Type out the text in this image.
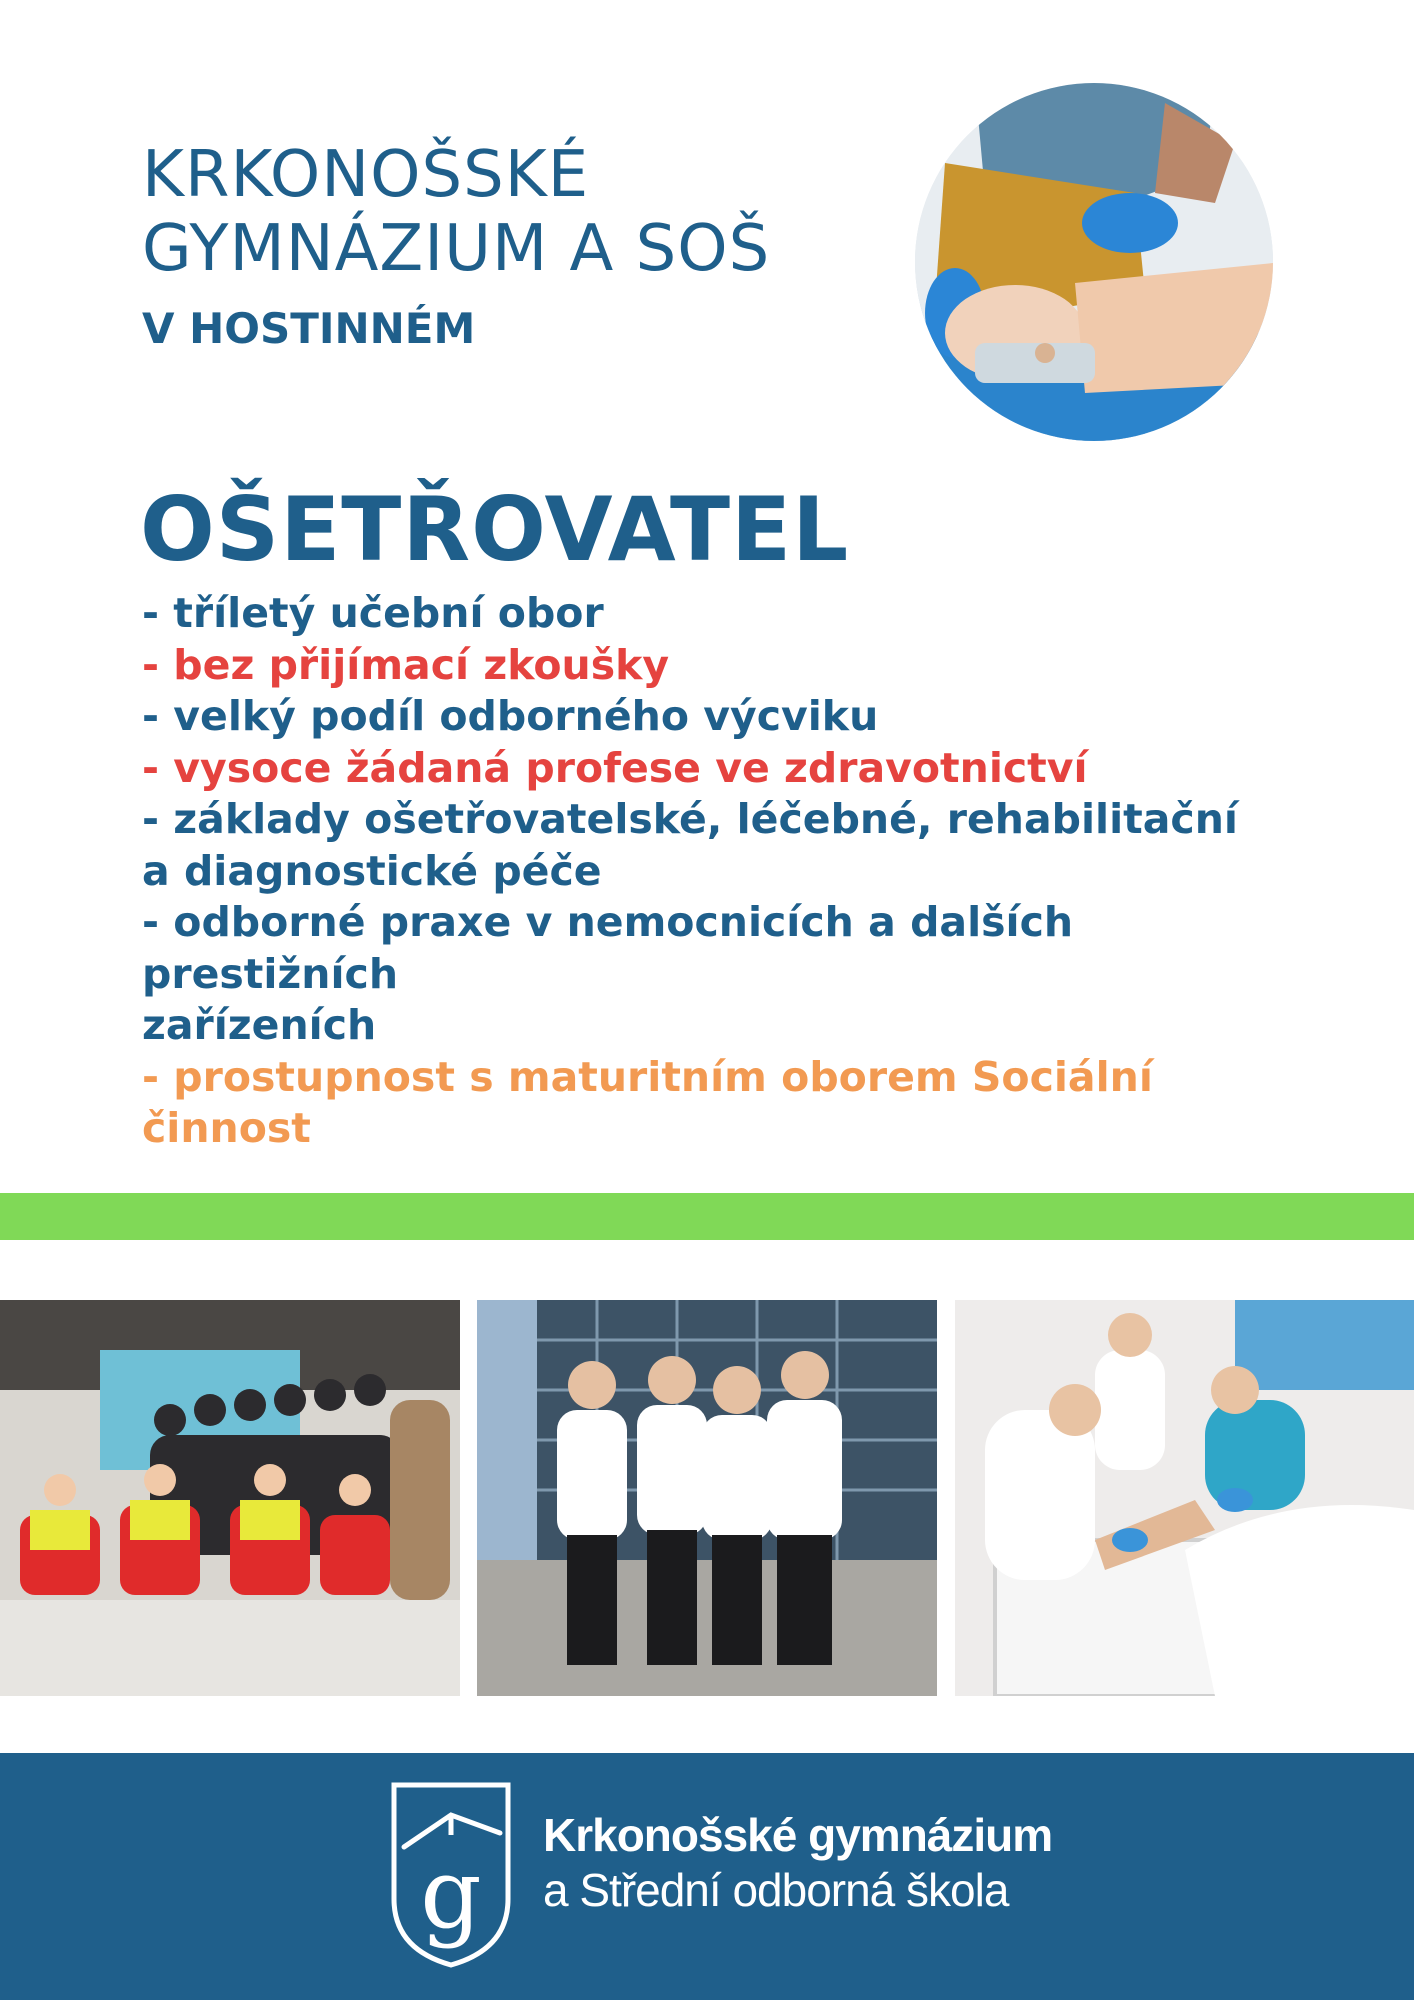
KRKONOŠSKÉ
GYMNÁZIUM A SOŠ
V HOSTINNÉM
OŠETŘOVATEL
- tříletý učební obor
- bez přijímací zkoušky
- velký podíl odborného výcviku
- vysoce žádaná profese ve zdravotnictví
- základy ošetřovatelské, léčebné, rehabilitační
a diagnostické péče
- odborné praxe v nemocnicích a dalších prestižních
zařízeních
- prostupnost s maturitním oborem Sociální činnost
g
Krkonošské gymnázium
a Střední odborná škola
